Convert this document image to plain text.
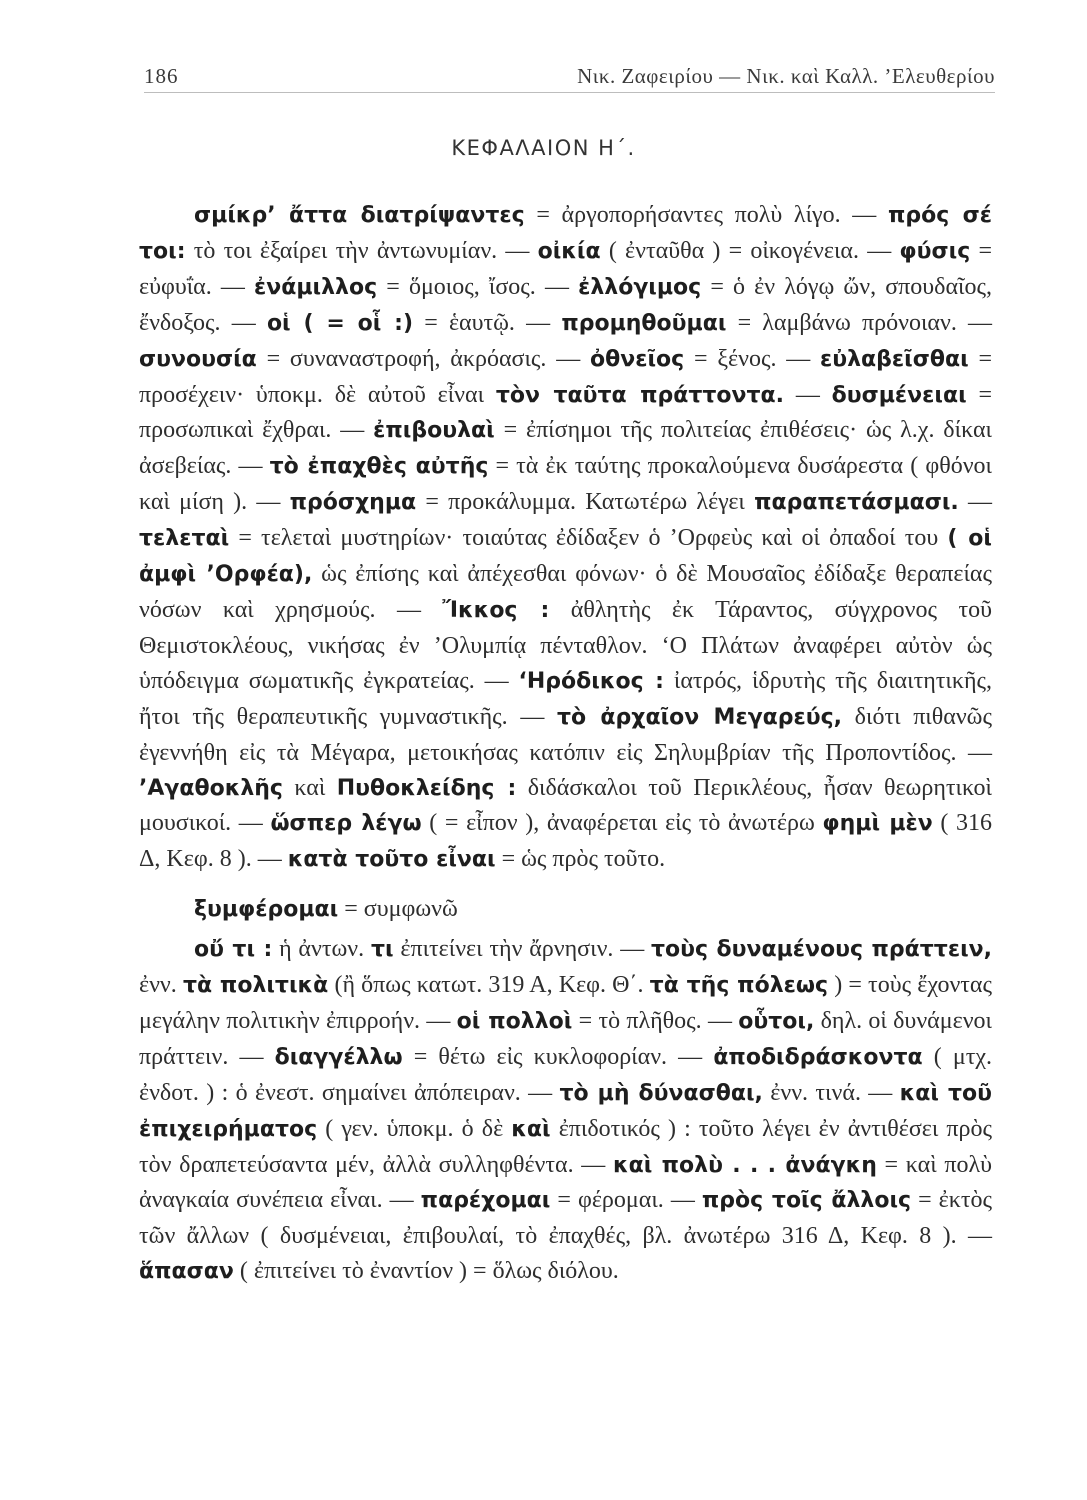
186	Νικ. Ζαφειρίου — Νικ. καὶ Καλλ. ’Ελευθερίου
ΚΕΦΑΛΑΙΟΝ Η΄.

σμίκρ’ ἄττα διατρίψαντες = ἀργοπορήσαντες πολὺ λίγο. — πρός σέ τοι: τὸ τοι ἐξαίρει τὴν ἀντωνυμίαν. — οἰκία ( ἐνταῦθα ) = οἰκογένεια. — φύσις = εὐφυΐα. — ἐνάμιλλος = ὅμοιος, ἴσος. — ἐλλόγιμος = ὁ ἐν λόγῳ ὤν, σπουδαῖος, ἔνδοξος. — οἱ ( = οἷ :) = ἑαυτῷ. — προμηθοῦμαι = λαμβάνω πρόνοιαν. — συνουσία = συναναστροφή, ἀκρόασις. — ὀθνεῖος = ξένος. — εὐλαβεῖσθαι = προσέχειν· ὑποκμ. δὲ αὐτοῦ εἶναι τὸν ταῦτα πράττοντα. — δυσμένειαι = προσωπικαὶ ἔχθραι. — ἐπιβουλαὶ = ἐπίσημοι τῆς πολιτείας ἐπιθέσεις· ὡς λ.χ. δίκαι ἀσεβείας. — τὸ ἐπαχθὲς αὐτῆς = τὰ ἐκ ταύτης προκαλούμενα δυσάρεστα ( φθόνοι καὶ μίση ). — πρόσχημα = προκάλυμμα. Κατωτέρω λέγει παραπετάσμασι. — τελεταὶ = τελεταὶ μυστηρίων· τοιαύτας ἐδίδαξεν ὁ ’Ορφεὺς καὶ οἱ ὀπαδοί του ( οἱ ἀμφὶ ’Ορφέα), ὡς ἐπίσης καὶ ἀπέχεσθαι φόνων· ὁ δὲ Μουσαῖος ἐδίδαξε θεραπείας νόσων καὶ χρησμούς. — Ἴκκος : ἀθλητὴς ἐκ Τάραντος, σύγχρονος τοῦ Θεμιστοκλέους, νικήσας ἐν ’Ολυμπίᾳ πένταθλον. ‘Ο Πλάτων ἀναφέρει αὐτὸν ὡς ὑπόδειγμα σωματικῆς ἐγκρατείας. — ‘Ηρόδικος : ἰατρός, ἱδρυτὴς τῆς διαιτητικῆς, ἤτοι τῆς θεραπευτικῆς γυμναστικῆς. — τὸ ἀρχαῖον Μεγαρεύς, διότι πιθανῶς ἐγεννήθη εἰς τὰ Μέγαρα, μετοικήσας κατόπιν εἰς Σηλυμβρίαν τῆς Προποντίδος. — ’Αγαθοκλῆς καὶ Πυθοκλείδης : διδάσκαλοι τοῦ Περικλέους, ἦσαν θεωρητικοὶ μουσικοί. — ὥσπερ λέγω ( = εἶπον ), ἀναφέρεται εἰς τὸ ἀνωτέρω φημὶ μὲν ( 316 Δ, Κεφ. 8 ). — κατὰ τοῦτο εἶναι = ὡς πρὸς τοῦτο.

ξυμφέρομαι = συμφωνῶ

οὔ τι : ἡ ἀντων. τι ἐπιτείνει τὴν ἄρνησιν. — τοὺς δυναμένους πράττειν, ἐνν. τὰ πολιτικὰ (ἢ ὅπως κατωτ. 319 Α, Κεφ. Θ΄. τὰ τῆς πόλεως ) = τοὺς ἔχοντας μεγάλην πολιτικὴν ἐπιρροήν. — οἱ πολλοὶ = τὸ πλῆθος. — οὗτοι, δηλ. οἱ δυνάμενοι πράττειν. — διαγγέλλω = θέτω εἰς κυκλοφορίαν. — ἀποδιδράσκοντα ( μτχ. ἐνδοτ. ) : ὁ ἐνεστ. σημαίνει ἀπόπειραν. — τὸ μὴ δύνασθαι, ἐνν. τινά. — καὶ τοῦ ἐπιχειρήματος ( γεν. ὑποκμ. ὁ δὲ καὶ ἐπιδοτικός ) : τοῦτο λέγει ἐν ἀντιθέσει πρὸς τὸν δραπετεύσαντα μέν, ἀλλὰ συλληφθέντα. — καὶ πολὺ . . . ἀνάγκη = καὶ πολὺ ἀναγκαία συνέπεια εἶναι. — παρέχομαι = φέρομαι. — πρὸς τοῖς ἄλλοις = ἐκτὸς τῶν ἄλλων ( δυσμένειαι, ἐπιβουλαί, τὸ ἐπαχθές, βλ. ἀνωτέρω 316 Δ, Κεφ. 8 ). — ἅπασαν ( ἐπιτείνει τὸ ἐναντίον ) = ὅλως διόλου.
